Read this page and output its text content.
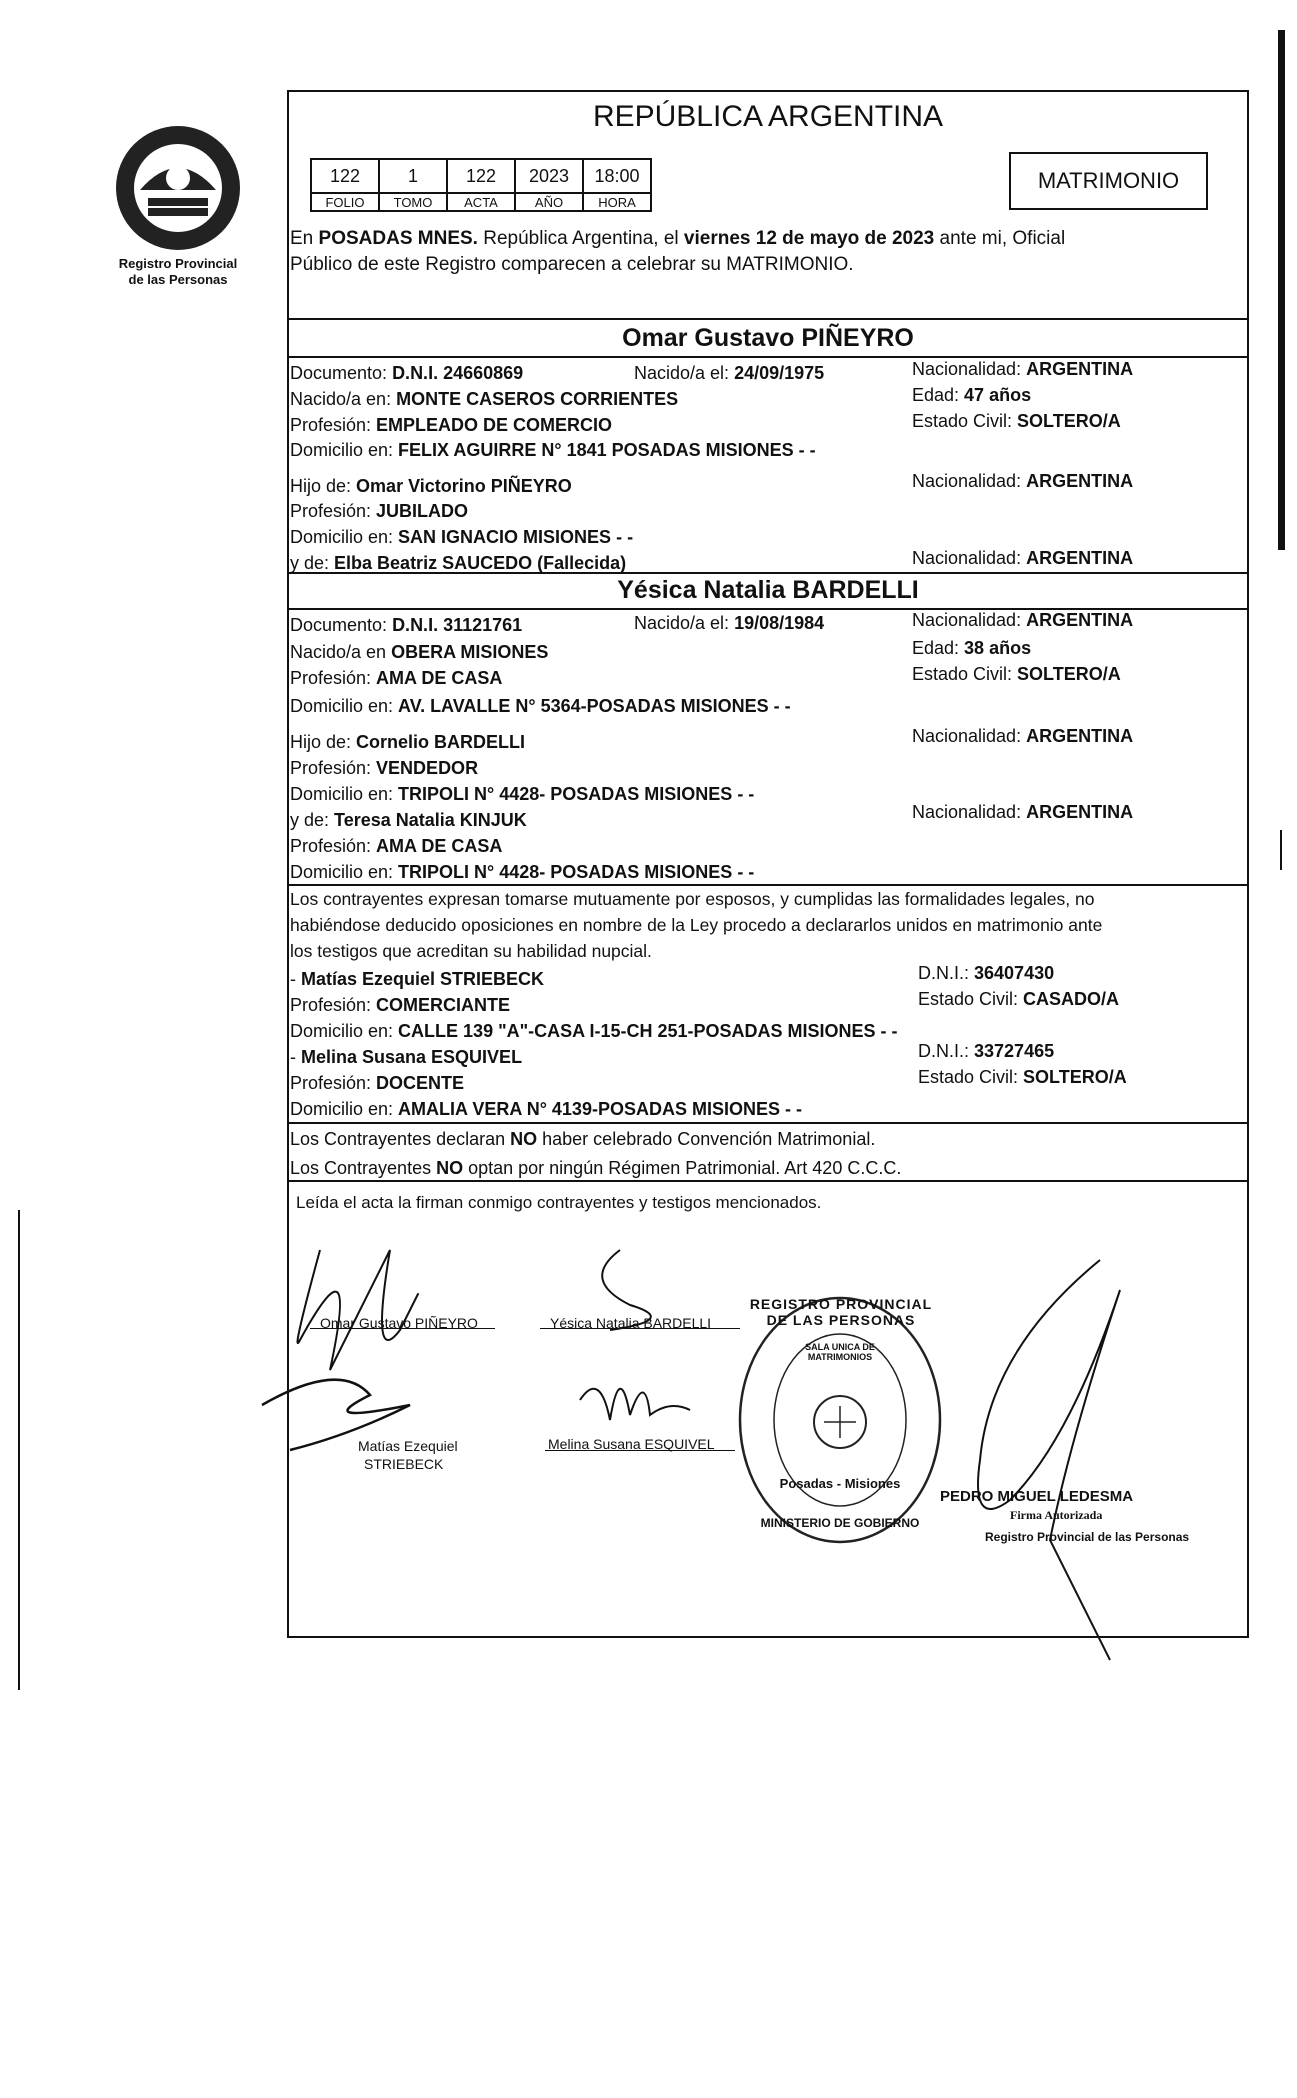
Registro Provincial
de las Personas
REPÚBLICA ARGENTINA
122	1	122	2023	18:00
FOLIO	TOMO	ACTA	AÑO	HORA
MATRIMONIO
En POSADAS MNES. República Argentina, el viernes 12 de mayo de 2023 ante mi, Oficial
Público de este Registro comparecen a celebrar su MATRIMONIO.
Omar Gustavo PIÑEYRO
Documento: D.N.I. 24660869	Nacido/a el: 24/09/1975	Nacionalidad: ARGENTINA
Nacido/a en: MONTE CASEROS CORRIENTES	Edad: 47 años
Profesión: EMPLEADO DE COMERCIO	Estado Civil: SOLTERO/A
Domicilio en: FELIX AGUIRRE N° 1841 POSADAS MISIONES - -
Hijo de: Omar Victorino PIÑEYRO	Nacionalidad: ARGENTINA
Profesión: JUBILADO
Domicilio en: SAN IGNACIO MISIONES - -
y de: Elba Beatriz SAUCEDO (Fallecida)	Nacionalidad: ARGENTINA
Yésica Natalia BARDELLI
Documento: D.N.I. 31121761	Nacido/a el: 19/08/1984	Nacionalidad: ARGENTINA
Nacido/a en OBERA MISIONES	Edad: 38 años
Profesión: AMA DE CASA	Estado Civil: SOLTERO/A
Domicilio en: AV. LAVALLE N° 5364-POSADAS MISIONES - -
Hijo de: Cornelio BARDELLI	Nacionalidad: ARGENTINA
Profesión: VENDEDOR
Domicilio en: TRIPOLI N° 4428- POSADAS MISIONES - -
y de: Teresa Natalia KINJUK	Nacionalidad: ARGENTINA
Profesión: AMA DE CASA
Domicilio en: TRIPOLI N° 4428- POSADAS MISIONES - -
Los contrayentes expresan tomarse mutuamente por esposos, y cumplidas las formalidades legales, no
habiéndose deducido oposiciones en nombre de la Ley procedo a declararlos unidos en matrimonio ante
los testigos que acreditan su habilidad nupcial.
- Matías Ezequiel STRIEBECK	D.N.I.: 36407430
Profesión: COMERCIANTE	Estado Civil: CASADO/A
Domicilio en: CALLE 139 "A"-CASA I-15-CH 251-POSADAS MISIONES - -
- Melina Susana ESQUIVEL	D.N.I.: 33727465
Profesión: DOCENTE	Estado Civil: SOLTERO/A
Domicilio en: AMALIA VERA N° 4139-POSADAS MISIONES - -
Los Contrayentes declaran NO haber celebrado Convención Matrimonial.
Los Contrayentes NO optan por ningún Régimen Patrimonial. Art 420 C.C.C.
Leída el acta la firman conmigo contrayentes y testigos mencionados.
Omar Gustavo PIÑEYRO	Yésica Natalia BARDELLI
Matías Ezequiel
STRIEBECK
Melina Susana ESQUIVEL
REGISTRO PROVINCIAL DE LAS PERSONAS
SALA UNICA DE MATRIMONIOS
Posadas - Misiones
MINISTERIO DE GOBIERNO
PEDRO MIGUEL LEDESMA
Firma Autorizada
Registro Provincial de las Personas
